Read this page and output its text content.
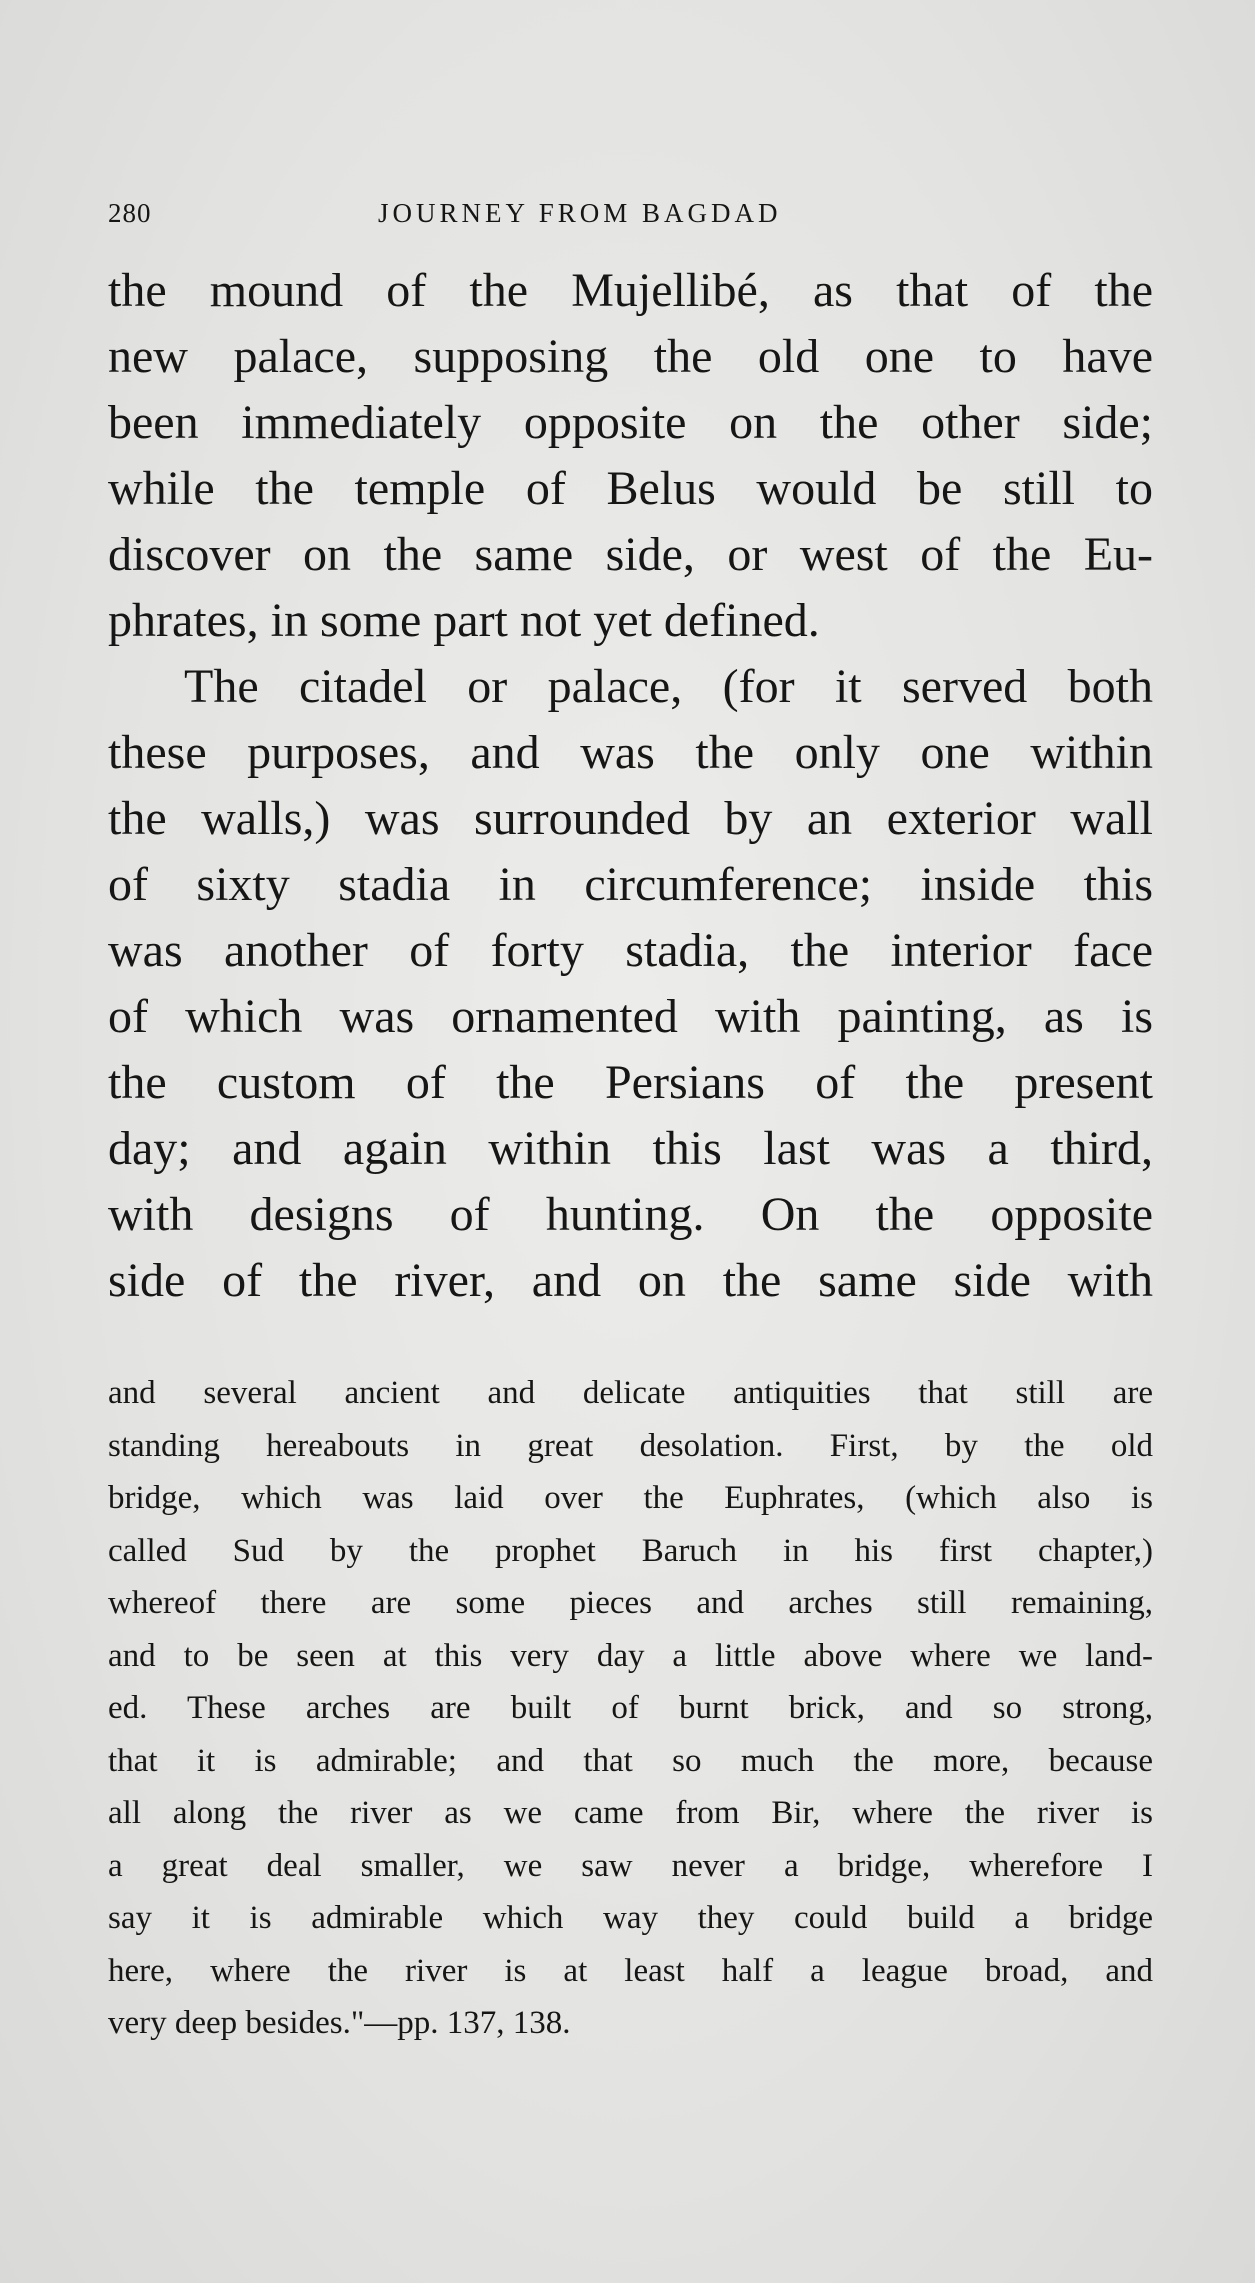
280	JOURNEY FROM BAGDAD
the mound of the Mujellibé, as that of the
new palace, supposing the old one to have
been immediately opposite on the other side;
while the temple of Belus would be still to
discover on the same side, or west of the Eu-
phrates, in some part not yet defined.
The citadel or palace, (for it served both
these purposes, and was the only one within
the walls,) was surrounded by an exterior wall
of sixty stadia in circumference; inside this
was another of forty stadia, the interior face
of which was ornamented with painting, as is
the custom of the Persians of the present
day; and again within this last was a third,
with designs of hunting. On the opposite
side of the river, and on the same side with
and several ancient and delicate antiquities that still are
standing hereabouts in great desolation. First, by the old
bridge, which was laid over the Euphrates, (which also is
called Sud by the prophet Baruch in his first chapter,)
whereof there are some pieces and arches still remaining,
and to be seen at this very day a little above where we land-
ed. These arches are built of burnt brick, and so strong,
that it is admirable; and that so much the more, because
all along the river as we came from Bir, where the river is
a great deal smaller, we saw never a bridge, wherefore I
say it is admirable which way they could build a bridge
here, where the river is at least half a league broad, and
very deep besides."—pp. 137, 138.
